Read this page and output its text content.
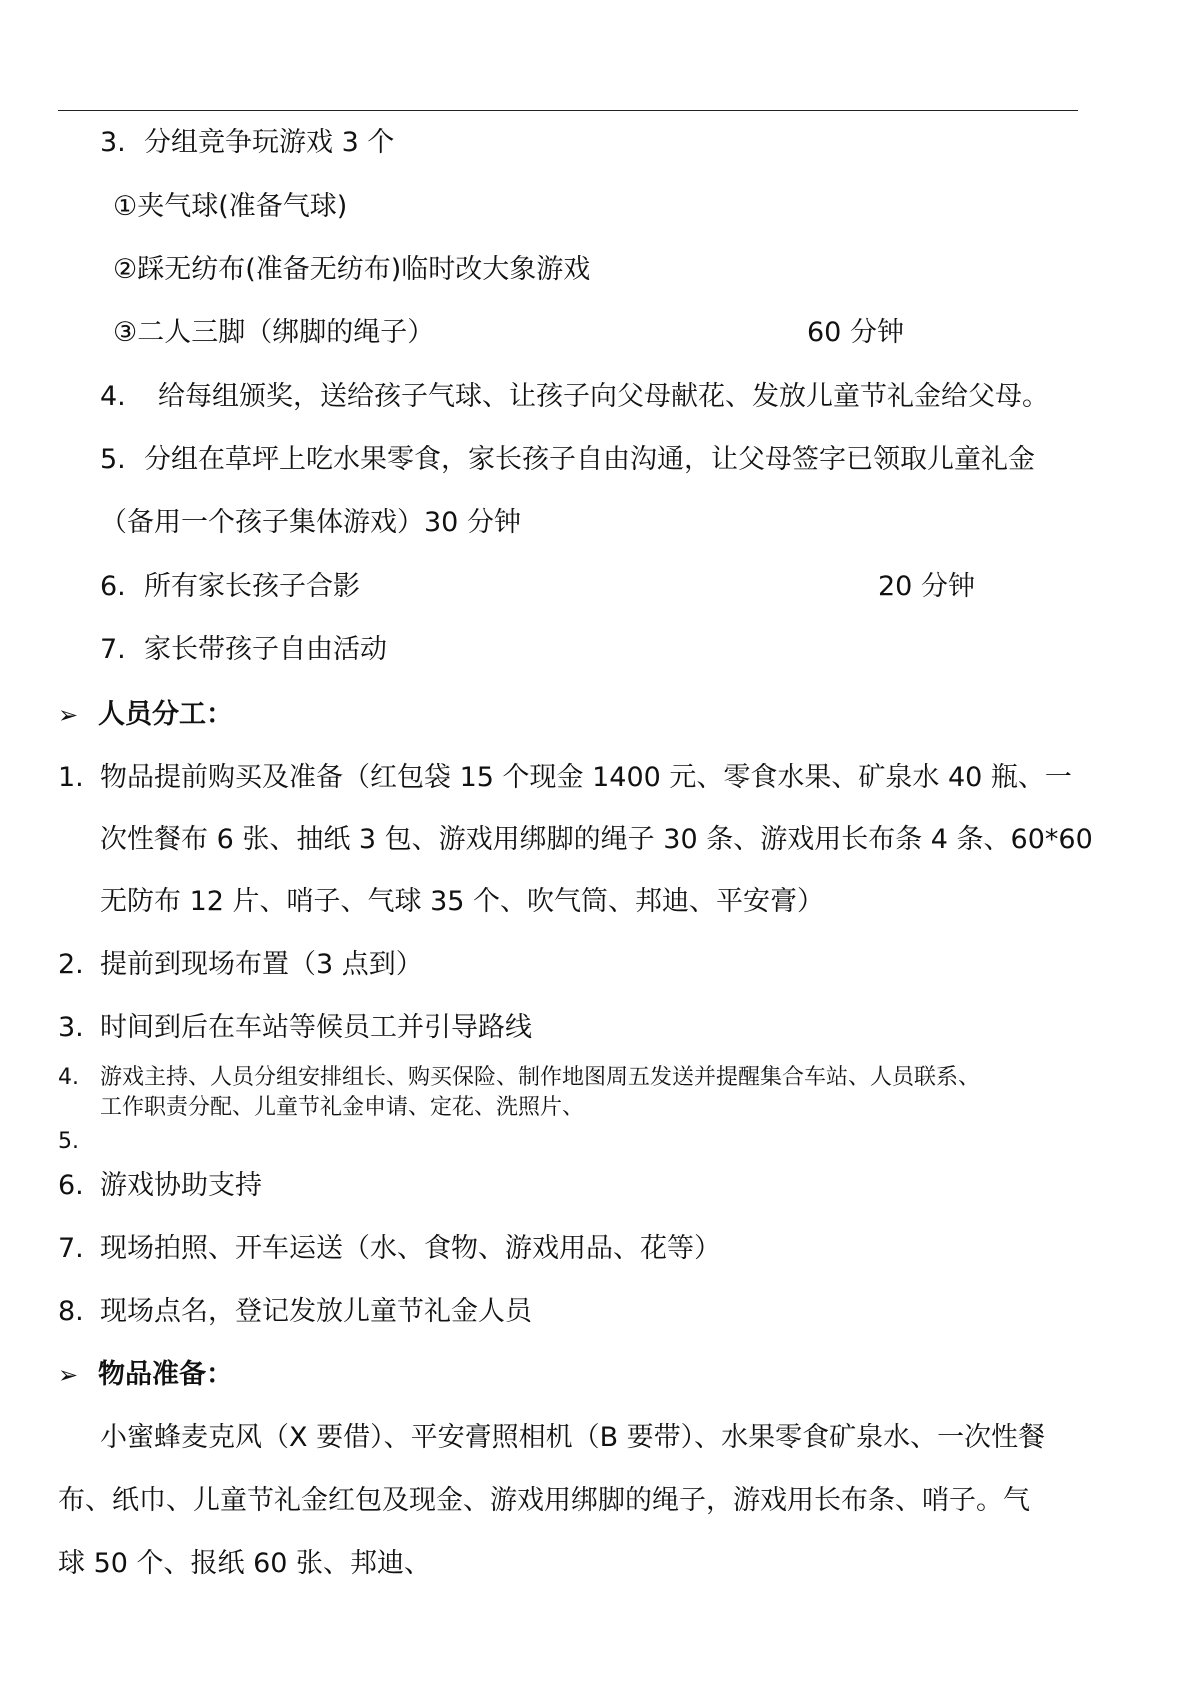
3. 分组竞争玩游戏 3 个
①夹气球(准备气球)
②踩无纺布(准备无纺布)临时改大象游戏
③二人三脚（绑脚的绳子）	60 分钟
4. 给每组颁奖，送给孩子气球、让孩子向父母献花、发放儿童节礼金给父母。
5. 分组在草坪上吃水果零食，家长孩子自由沟通，让父母签字已领取儿童礼金
（备用一个孩子集体游戏）30 分钟
6. 所有家长孩子合影	20 分钟
7. 家长带孩子自由活动
➢ 人员分工：
1. 物品提前购买及准备（红包袋 15 个现金 1400 元、零食水果、矿泉水 40 瓶、一
次性餐布 6 张、抽纸 3 包、游戏用绑脚的绳子 30 条、游戏用长布条 4 条、60*60
无防布 12 片、哨子、气球 35 个、吹气筒、邦迪、平安膏）
2. 提前到现场布置（3 点到）
3. 时间到后在车站等候员工并引导路线
4. 游戏主持、人员分组安排组长、购买保险、制作地图周五发送并提醒集合车站、人员联系、
工作职责分配、儿童节礼金申请、定花、洗照片、
5.
6. 游戏协助支持
7. 现场拍照、开车运送（水、食物、游戏用品、花等）
8. 现场点名，登记发放儿童节礼金人员
➢ 物品准备：
小蜜蜂麦克风（X 要借）、平安膏照相机（B 要带）、水果零食矿泉水、一次性餐
布、纸巾、儿童节礼金红包及现金、游戏用绑脚的绳子，游戏用长布条、哨子。气
球 50 个、报纸 60 张、邦迪、
